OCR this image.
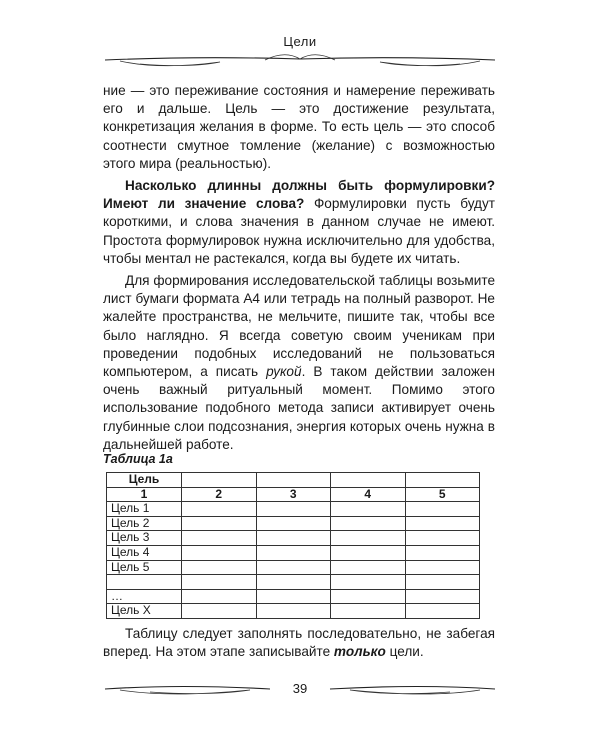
Цели

ние — это переживание состояния и намерение переживать его и дальше. Цель — это достижение результата, конкретизация желания в форме. То есть цель — это способ соотнести смутное томление (желание) с возможностью этого мира (реальностью).

Насколько длинны должны быть формулировки? Имеют ли значение слова? Формулировки пусть будут короткими, и слова значения в данном случае не имеют. Простота формулировок нужна исключительно для удобства, чтобы ментал не растекался, когда вы будете их читать.

Для формирования исследовательской таблицы возьмите лист бумаги формата А4 или тетрадь на полный разворот. Не жалейте пространства, не мельчите, пишите так, чтобы все было наглядно. Я всегда советую своим ученикам при проведении подобных исследований не пользоваться компьютером, а писать рукой. В таком действии заложен очень важный ритуальный момент. Помимо этого использование подобного метода записи активирует очень глубинные слои подсознания, энергия которых очень нужна в дальнейшей работе.

Таблица 1а
Цель				
1	2	3	4	5
Цель 1				
Цель 2				
Цель 3				
Цель 4				
Цель 5				

…				
Цель X				

Таблицу следует заполнять последовательно, не забегая вперед. На этом этапе записывайте только цели.

39
